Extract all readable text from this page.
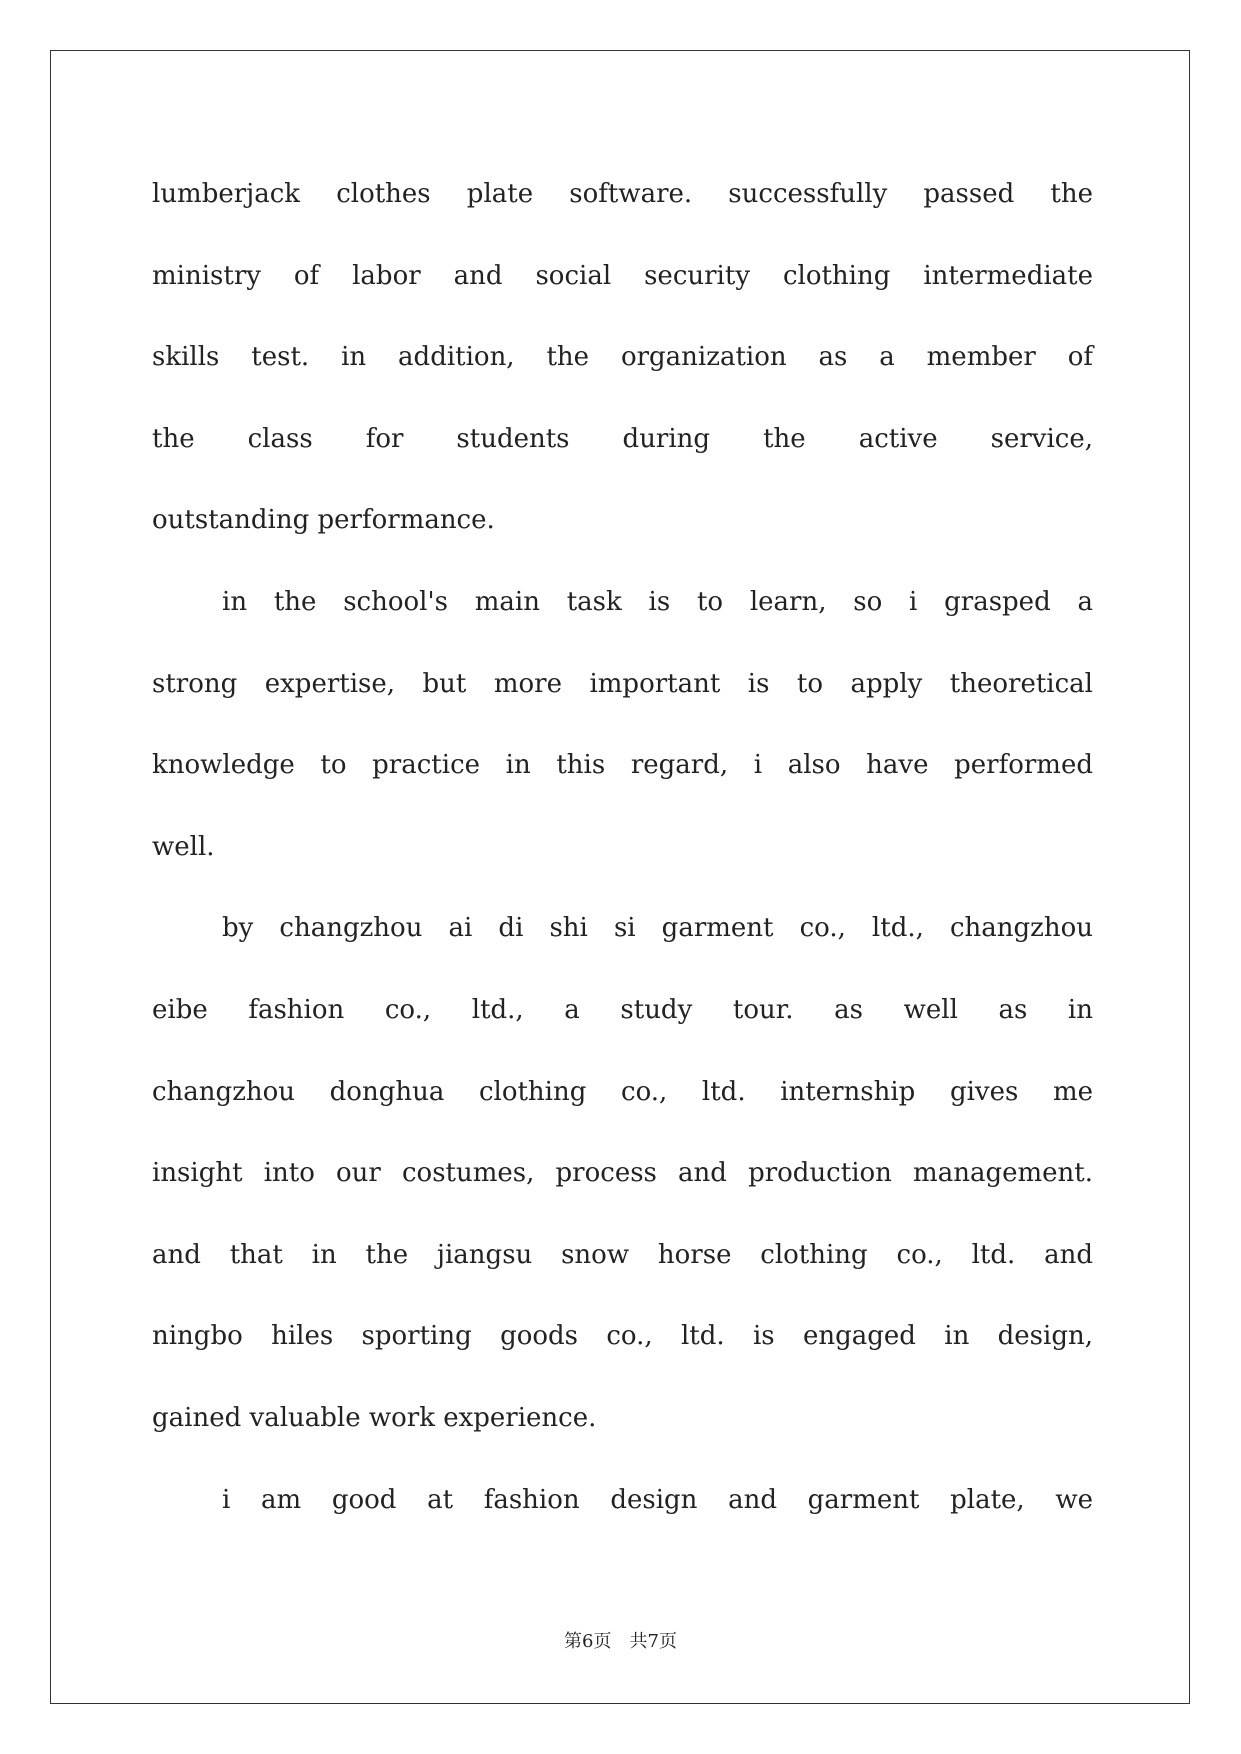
lumberjack clothes plate software. successfully passed the
ministry of labor and social security clothing intermediate
skills test. in addition, the organization as a member of
the class for students during the active service,
outstanding performance.
in the school's main task is to learn, so i grasped a
strong expertise, but more important is to apply theoretical
knowledge to practice in this regard, i also have performed
well.
by changzhou ai di shi si garment co., ltd., changzhou
eibe fashion co., ltd., a study tour. as well as in
changzhou donghua clothing co., ltd. internship gives me
insight into our costumes, process and production management.
and that in the jiangsu snow horse clothing co., ltd. and
ningbo hiles sporting goods co., ltd. is engaged in design,
gained valuable work experience.
i am good at fashion design and garment plate, we
第6页 共7页
